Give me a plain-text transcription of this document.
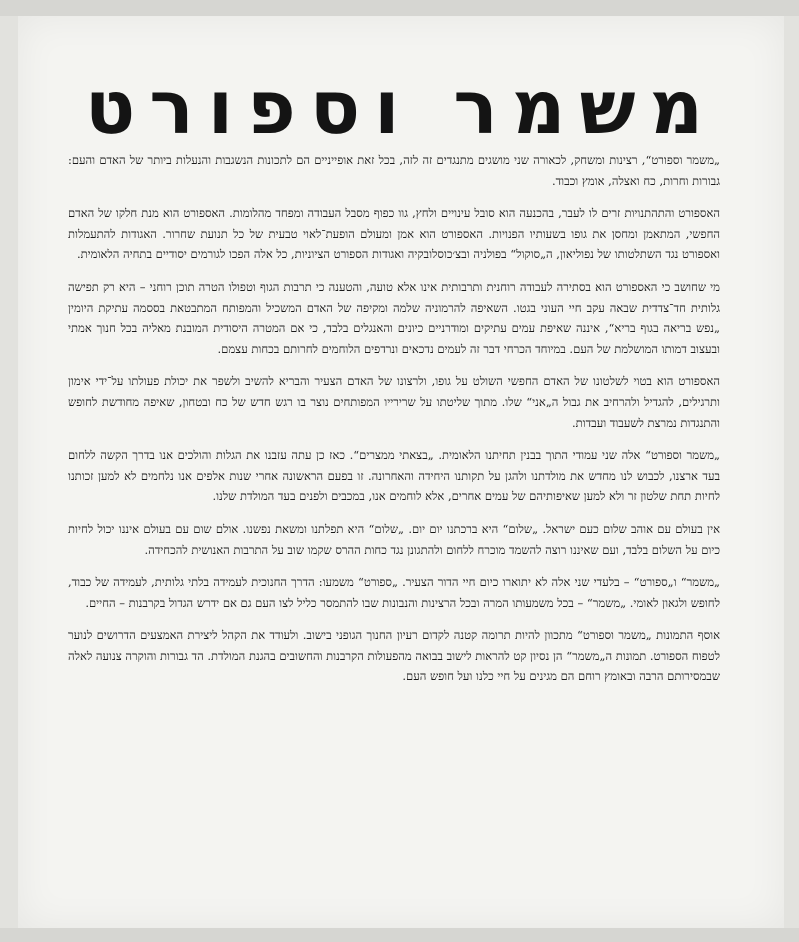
משמר וספורט

„משמר וספורט“, רצינות ומשחק, לכאורה שני מושגים מתנגדים זה לזה, בכל זאת אופייניים הם לתכונות הנשגבות והנעלות ביותר של האדם והעם: גבורות וחרות, כח ואצלה, אומץ וכבוד.

האספורט והתהתנויות זרים לו לעבר, בהכנעה הוא סובל עינויים ולחץ, גוו כפוף מסבל העבודה ומפחד מהלומות. האספורט הוא מנת חלקו של האדם החפשי, המתאמן ומחסן את גופו בשעותיו הפנויות. האספורט הוא אמן ומעולם הופעת־לאוי טבעית של כל תנועת שחרור. האגודות להתעמלות ואספורט נגד השתלטותו של נפוליאון, ה„סוקול“ בפולניה ובצ׳כוסלובקיה ואגודות הספורט הציוניות, כל אלה הפכו לגורמים יסודיים בתחיה הלאומית.

מי שחושב כי האספורט הוא בסתירה לעבודה רוחנית ותרבותית אינו אלא טועה, והטענה כי תרבות הגוף וטפולו הטרה תוכן רוחני – היא רק תפישה גלותית חד־צדדית שבאה עקב חיי העוני בגטו. השאיפה להרמוניה שלמה ומקיפה של האדם המשכיל והמפותח המתבטאת בססמה עתיקת היומין „נפש בריאה בגוף בריא“, איננה שאיפת עמים עתיקים ומודרניים כיונים והאנגלים בלבד, כי אם המטרה היסודית המובנת מאליה בכל חנוך אמתי ובעצוב דמותו המושלמת של העם. במיוחד הכרחי דבר זה לעמים נדכאים ונרדפים הלוחמים לחרותם בכחות עצמם.

האספורט הוא בטוי לשלטונו של האדם החפשי השולט על גופו, ולרצונו של האדם הצעיר והבריא להשיב ולשפר את יכולת פעולתו על־ידי אימון ותרגילים, להגדיל ולהרחיב את גבול ה„אני“ שלו. מתוך שליטתו על שרירייו המפותחים נוצר בו רגש חדש של כח ובטחון, שאיפה מחודשת לחופש והתנגדות נמרצת לשעבוד ועבדות.

„משמר וספורט“ אלה שני עמודי התוך בבנין תחיתנו הלאומית. „בצאתי ממצרים“. כאז כן עתה עזבנו את הגלות והולכים אנו בדרך הקשה ללחום בעד ארצנו, לכבוש לנו מחדש את מולדתנו ולהגן על תקותנו היחידה והאחרונה. זו בפעם הראשונה אחרי שנות אלפים אנו נלחמים לא למען זכותנו לחיות תחת שלטון זר ולא למען שאיפותיהם של עמים אחרים, אלא לוחמים אנו, במכבים ולפנים בעד המולדת שלנו.

אין בעולם עם אוהב שלום כעם ישראל. „שלום“ היא ברכתנו יום יום. „שלום“ היא תפלתנו ומשאת נפשנו. אולם שום עם בעולם איננו יכול לחיות כיום על השלום בלבד, ועם שאיננו רוצה להשמד מוכרח ללחום ולהתגונן נגד כחות ההרס שקמו שוב על התרבות האנושית להכחידה.

„משמר“ ו„ספורט“ – בלעדי שני אלה לא יתוארו כיום חיי הדור הצעיר. „ספורט“ משמעו: הדרך החנוכית לעמידה בלתי גלותית, לעמידה של כבוד, לחופש ולגאון לאומי. „משמר“ – בכל משמעותו המרה ובכל הרצינות והנבונות שבו להתמסר כליל לצו העם גם אם ידרש הגדול בקרבנות – החיים.

אוסף התמונות „משמר וספורט“ מתכוון להיות תרומה קטנה לקדום רעיון החנוך הגופני בישוב. ולעודד את הקהל ליצירת האמצעים הדרושים לנוער לטפוח הספורט. תמונות ה„משמר“ הן נסיון קט להראות לישוב בבואה מהפעולות הקרבנות והחשובים בהגנת המולדת. הד גבורות והוקרה צנועה לאלה שבמסירותם הרבה ובאומץ רוחם הם מגינים על חיי כלנו ועל חופש העם.
